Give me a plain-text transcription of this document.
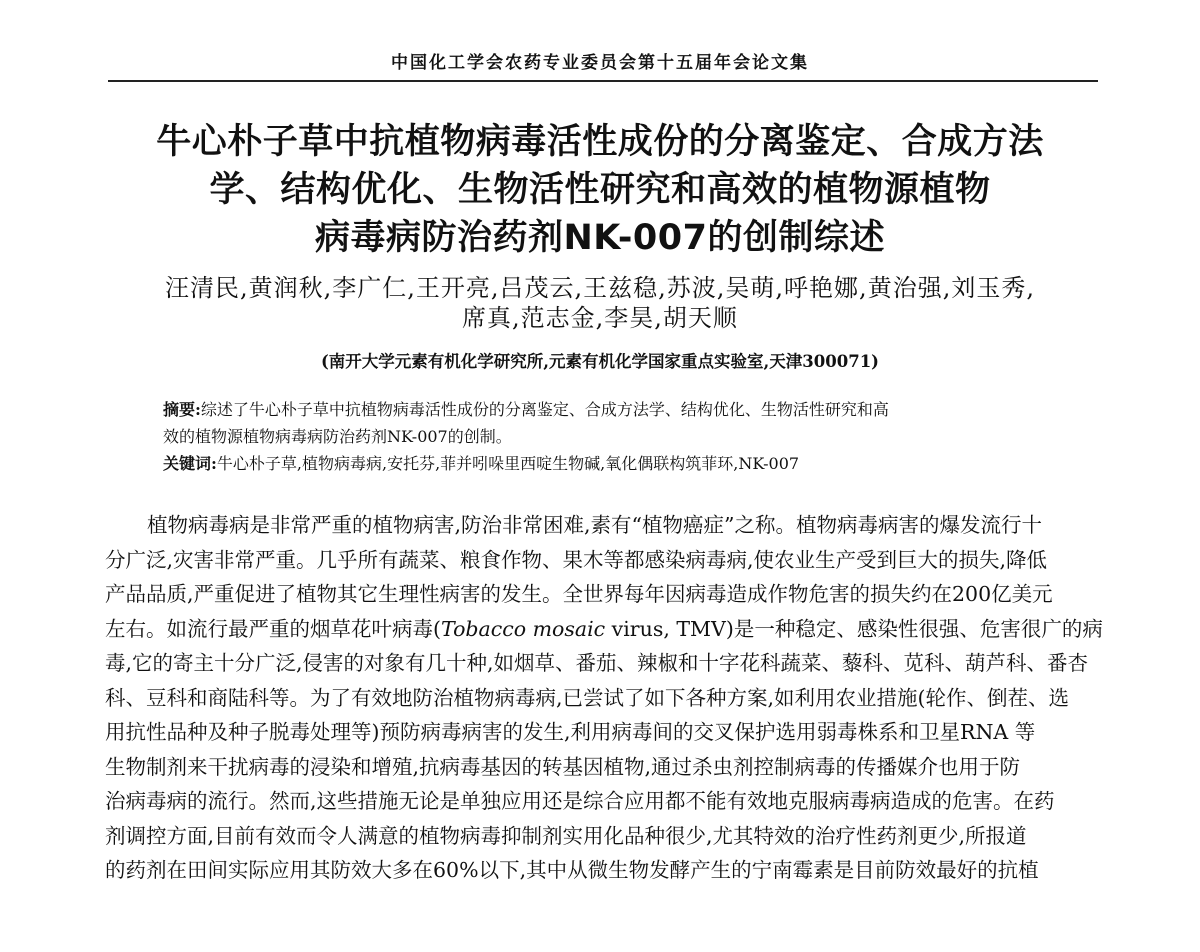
中国化工学会农药专业委员会第十五届年会论文集
牛心朴子草中抗植物病毒活性成份的分离鉴定、合成方法
学、结构优化、生物活性研究和高效的植物源植物
病毒病防治药剂NK-007的创制综述
汪清民,黄润秋,李广仁,王开亮,吕茂云,王兹稳,苏波,吴萌,呼艳娜,黄治强,刘玉秀,
席真,范志金,李昊,胡天顺
(南开大学元素有机化学研究所,元素有机化学国家重点实验室,天津300071)
摘要:综述了牛心朴子草中抗植物病毒活性成份的分离鉴定、合成方法学、结构优化、生物活性研究和高
效的植物源植物病毒病防治药剂NK-007的创制。
关键词:牛心朴子草,植物病毒病,安托芬,菲并吲哚里西啶生物碱,氧化偶联构筑菲环,NK-007
植物病毒病是非常严重的植物病害,防治非常困难,素有“植物癌症”之称。植物病毒病害的爆发流行十
分广泛,灾害非常严重。几乎所有蔬菜、粮食作物、果木等都感染病毒病,使农业生产受到巨大的损失,降低
产品品质,严重促进了植物其它生理性病害的发生。全世界每年因病毒造成作物危害的损失约在200亿美元
左右。如流行最严重的烟草花叶病毒(Tobacco mosaic virus, TMV)是一种稳定、感染性很强、危害很广的病
毒,它的寄主十分广泛,侵害的对象有几十种,如烟草、番茄、辣椒和十字花科蔬菜、藜科、苋科、葫芦科、番杏
科、豆科和商陆科等。为了有效地防治植物病毒病,已尝试了如下各种方案,如利用农业措施(轮作、倒茬、选
用抗性品种及种子脱毒处理等)预防病毒病害的发生,利用病毒间的交叉保护选用弱毒株系和卫星RNA 等
生物制剂来干扰病毒的浸染和增殖,抗病毒基因的转基因植物,通过杀虫剂控制病毒的传播媒介也用于防
治病毒病的流行。然而,这些措施无论是单独应用还是综合应用都不能有效地克服病毒病造成的危害。在药
剂调控方面,目前有效而令人满意的植物病毒抑制剂实用化品种很少,尤其特效的治疗性药剂更少,所报道
的药剂在田间实际应用其防效大多在60%以下,其中从微生物发酵产生的宁南霉素是目前防效最好的抗植
